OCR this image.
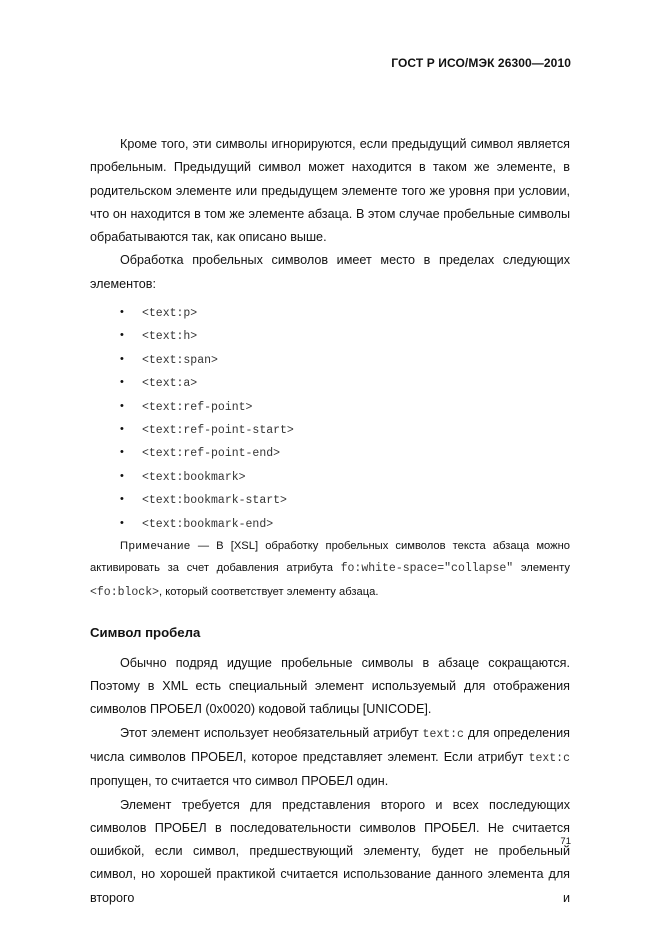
ГОСТ Р ИСО/МЭК 26300—2010

Кроме того, эти символы игнорируются, если предыдущий символ является пробельным. Предыдущий символ может находится в таком же элементе, в родительском элементе или предыдущем элементе того же уровня при условии, что он находится в том же элементе абзаца. В этом случае пробельные символы обрабатываются так, как описано выше.

Обработка пробельных символов имеет место в пределах следующих элементов:

• <text:p>
• <text:h>
• <text:span>
• <text:a>
• <text:ref-point>
• <text:ref-point-start>
• <text:ref-point-end>
• <text:bookmark>
• <text:bookmark-start>
• <text:bookmark-end>

Примечание — В [XSL] обработку пробельных символов текста абзаца можно активировать за счет добавления атрибута fo:white-space="collapse" элементу <fo:block>, который соответствует элементу абзаца.

Символ пробела

Обычно подряд идущие пробельные символы в абзаце сокращаются. Поэтому в XML есть специальный элемент используемый для отображения символов ПРОБЕЛ (0x0020) кодовой таблицы [UNICODE].

Этот элемент использует необязательный атрибут text:c для определения числа символов ПРОБЕЛ, которое представляет элемент. Если атрибут text:c пропущен, то считается что символ ПРОБЕЛ один.

Элемент требуется для представления второго и всех последующих символов ПРОБЕЛ в последовательности символов ПРОБЕЛ. Не считается ошибкой, если символ, предшествующий элементу, будет не пробельный символ, но хорошей практикой считается использование данного элемента для второго и

71
